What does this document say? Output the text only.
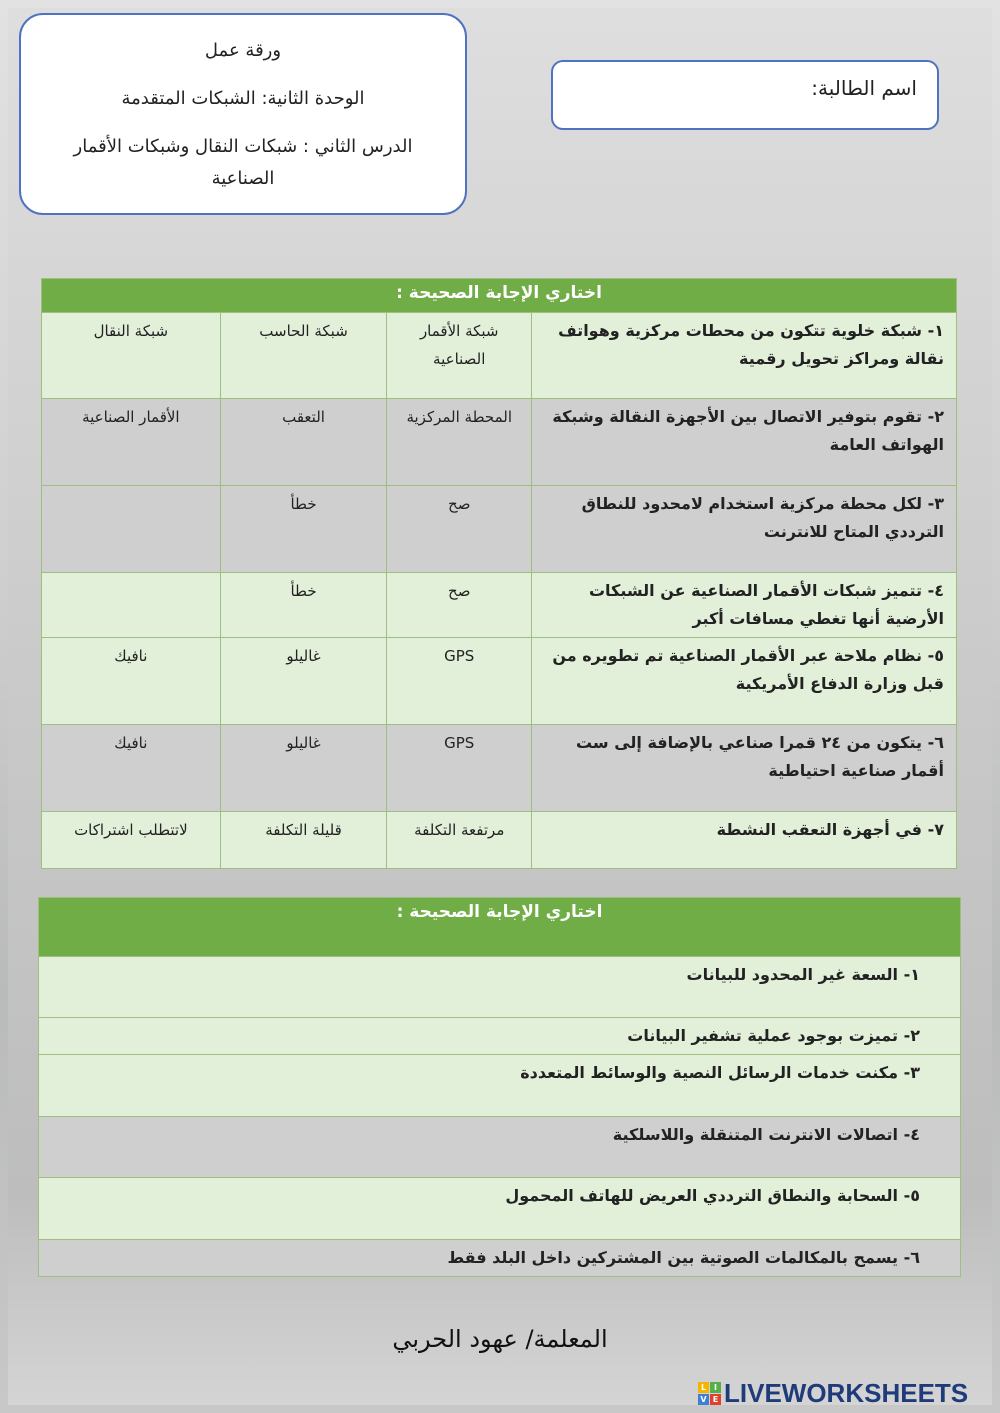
ورقة عمل
الوحدة الثانية: الشبكات المتقدمة
الدرس الثاني : شبكات النقال وشبكات الأقمار الصناعية
اسم الطالبة:
اختاري الإجابة الصحيحة :			
١- شبكة خلوية تتكون من محطات مركزية وهواتف نقالة ومراكز تحويل رقمية	شبكة الأقمار الصناعية	شبكة الحاسب	شبكة النقال
٢- تقوم بتوفير الاتصال بين الأجهزة النقالة وشبكة الهواتف العامة	المحطة المركزية	التعقب	الأقمار الصناعية
٣- لكل محطة مركزية استخدام لامحدود للنطاق الترددي المتاح للانترنت	صح	خطأ	
٤- تتميز شبكات الأقمار الصناعية عن الشبكات الأرضية أنها تغطي مسافات أكبر	صح	خطأ	
٥- نظام ملاحة عبر الأقمار الصناعية تم تطويره من قبل وزارة الدفاع الأمريكية	GPS	غاليلو	نافيك
٦- يتكون من ٢٤ قمرا صناعي بالإضافة إلى ست أقمار صناعية احتياطية	GPS	غاليلو	نافيك
٧- في أجهزة التعقب النشطة	مرتفعة التكلفة	قليلة التكلفة	لاتتطلب اشتراكات
اختاري الإجابة الصحيحة :
١- السعة غير المحدود للبيانات
٢- تميزت بوجود عملية تشفير البيانات
٣- مكنت خدمات الرسائل النصية والوسائط المتعددة
٤- اتصالات الانترنت المتنقلة واللاسلكية
٥- السحابة والنطاق الترددي العريض للهاتف المحمول
٦- يسمح بالمكالمات الصوتية بين المشتركين داخل البلد فقط
المعلمة/ عهود الحربي
L I
V E LIVEWORKSHEETS
